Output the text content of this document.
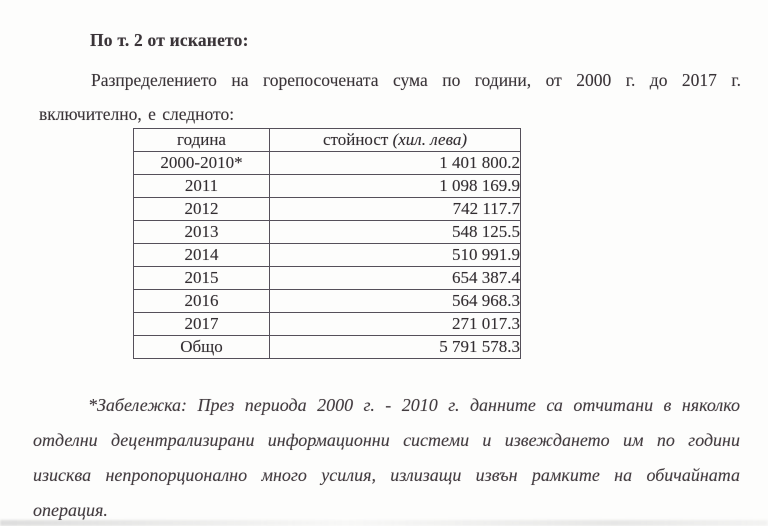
По т. 2 от искането:

Разпределението на горепосочената сума по години, от 2000 г. до 2017 г. включително, е следното:

година	стойност (хил. лева)
2000-2010*	1 401 800.2
2011	1 098 169.9
2012	742 117.7
2013	548 125.5
2014	510 991.9
2015	654 387.4
2016	564 968.3
2017	271 017.3
Общо	5 791 578.3

*Забележка: През периода 2000 г. - 2010 г. данните са отчитани в няколко отделни децентрализирани информационни системи и извеждането им по години изисква непропорционално много усилия, излизащи извън рамките на обичайната операция.
